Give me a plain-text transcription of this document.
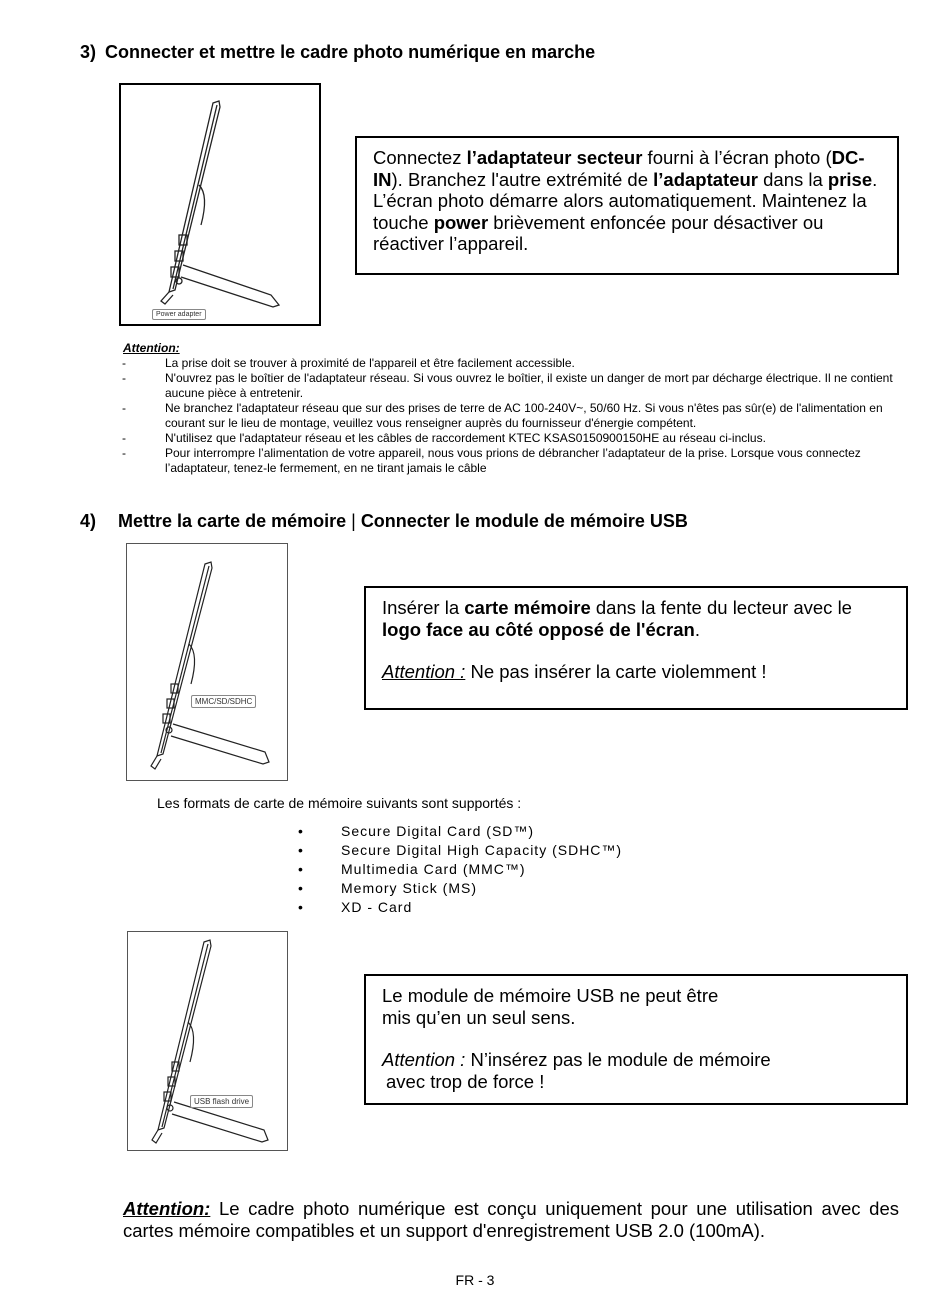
3) Connecter et mettre le cadre photo numérique en marche
Power adapter
Connectez l’adaptateur secteur fourni à l’écran photo (DC-IN). Branchez l'autre extrémité de l’adaptateur dans la prise. L’écran photo démarre alors automatiquement. Maintenez la touche power brièvement enfoncée pour désactiver ou réactiver l’appareil.
Attention:
-	La prise doit se trouver à proximité de l'appareil et être facilement accessible.
-	N'ouvrez pas le boîtier de l'adaptateur réseau. Si vous ouvrez le boîtier, il existe un danger de mort par décharge électrique. Il ne contient aucune pièce à entretenir.
-	Ne branchez l'adaptateur réseau que sur des prises de terre de AC 100-240V~, 50/60 Hz. Si vous n'êtes pas sûr(e) de l'alimentation en courant sur le lieu de montage, veuillez vous renseigner auprès du fournisseur d'énergie compétent.
-	N'utilisez que l'adaptateur réseau et les câbles de raccordement KTEC KSAS0150900150HE au réseau ci-inclus.
-	Pour interrompre l’alimentation de votre appareil, nous vous prions de débrancher l’adaptateur de la prise. Lorsque vous connectez l’adaptateur, tenez-le fermement, en ne tirant jamais le câble
4) Mettre la carte de mémoire | Connecter le module de mémoire USB
MMC/SD/SDHC
Insérer la carte mémoire dans la fente du lecteur avec le logo face au côté opposé de l'écran.
Attention : Ne pas insérer la carte violemment !
Les formats de carte de mémoire suivants sont supportés :
•	Secure Digital Card (SD™)
•	Secure Digital High Capacity (SDHC™)
•	Multimedia Card (MMC™)
•	Memory Stick (MS)
•	XD - Card
USB flash drive
Le module de mémoire USB ne peut être
mis qu’en un seul sens.
Attention : N’insérez pas le module de mémoire
avec trop de force !
Attention: Le cadre photo numérique est conçu uniquement pour une utilisation avec des cartes mémoire compatibles et un support d'enregistrement USB 2.0 (100mA).
FR - 3
